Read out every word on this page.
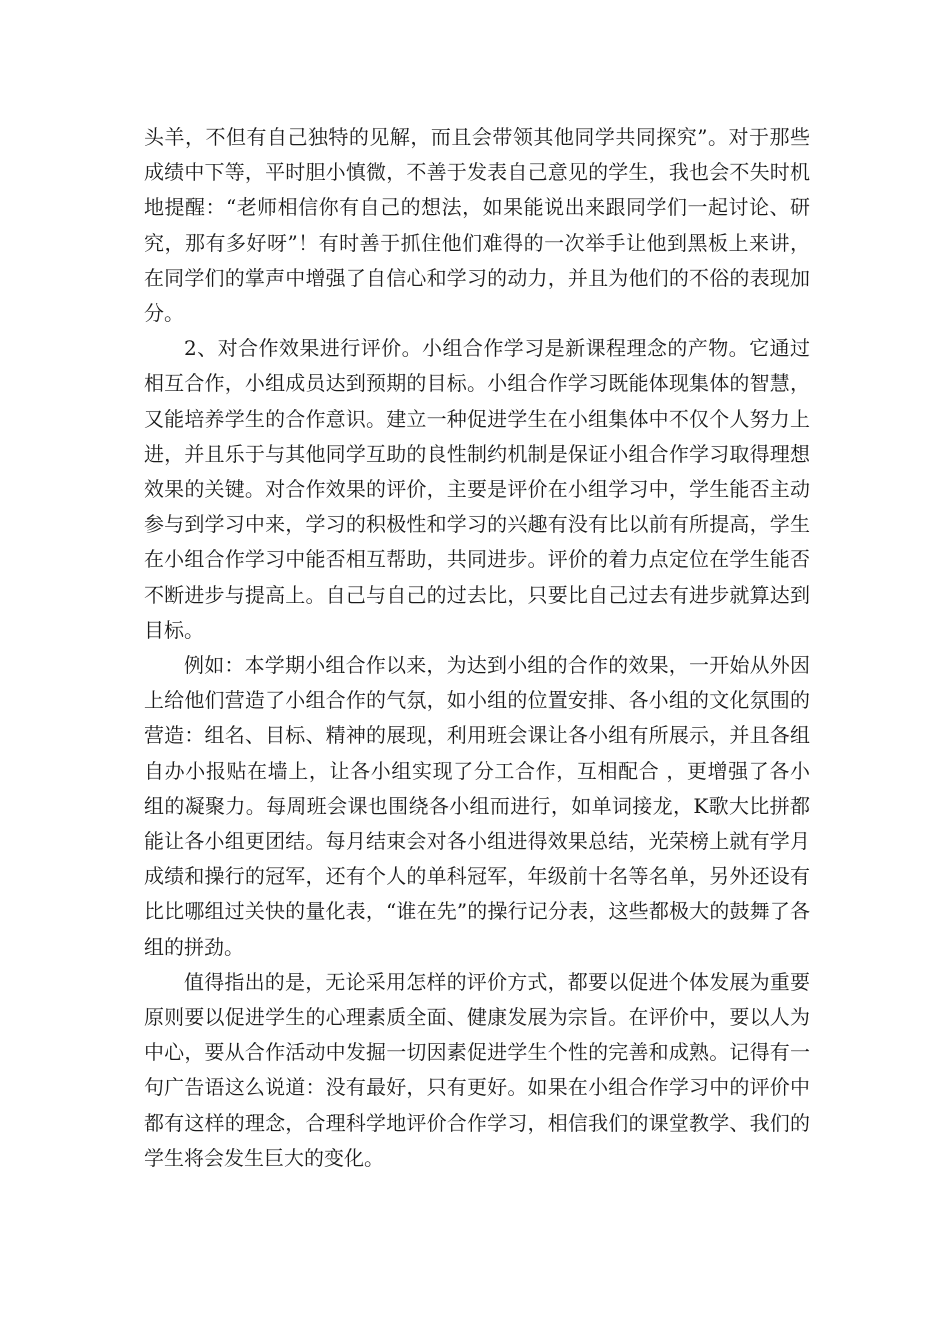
头羊，不但有自己独特的见解，而且会带领其他同学共同探究”。对于那些成绩中下等，平时胆小慎微，不善于发表自己意见的学生，我也会不失时机地提醒：“老师相信你有自己的想法，如果能说出来跟同学们一起讨论、研究，那有多好呀”！有时善于抓住他们难得的一次举手让他到黑板上来讲，在同学们的掌声中增强了自信心和学习的动力，并且为他们的不俗的表现加分。

2、对合作效果进行评价。小组合作学习是新课程理念的产物。它通过相互合作，小组成员达到预期的目标。小组合作学习既能体现集体的智慧，又能培养学生的合作意识。建立一种促进学生在小组集体中不仅个人努力上进，并且乐于与其他同学互助的良性制约机制是保证小组合作学习取得理想效果的关键。对合作效果的评价，主要是评价在小组学习中，学生能否主动参与到学习中来，学习的积极性和学习的兴趣有没有比以前有所提高，学生在小组合作学习中能否相互帮助，共同进步。评价的着力点定位在学生能否不断进步与提高上。自己与自己的过去比，只要比自己过去有进步就算达到目标。

例如：本学期小组合作以来，为达到小组的合作的效果，一开始从外因上给他们营造了小组合作的气氛，如小组的位置安排、各小组的文化氛围的营造：组名、目标、精神的展现，利用班会课让各小组有所展示，并且各组自办小报贴在墙上，让各小组实现了分工合作，互相配合 ，更增强了各小组的凝聚力。每周班会课也围绕各小组而进行，如单词接龙，K歌大比拼都能让各小组更团结。每月结束会对各小组进得效果总结，光荣榜上就有学月成绩和操行的冠军，还有个人的单科冠军，年级前十名等名单，另外还设有比比哪组过关快的量化表，“谁在先”的操行记分表，这些都极大的鼓舞了各组的拼劲。

值得指出的是，无论采用怎样的评价方式，都要以促进个体发展为重要原则要以促进学生的心理素质全面、健康发展为宗旨。在评价中，要以人为中心，要从合作活动中发掘一切因素促进学生个性的完善和成熟。记得有一句广告语这么说道：没有最好，只有更好。如果在小组合作学习中的评价中都有这样的理念，合理科学地评价合作学习，相信我们的课堂教学、我们的学生将会发生巨大的变化。
